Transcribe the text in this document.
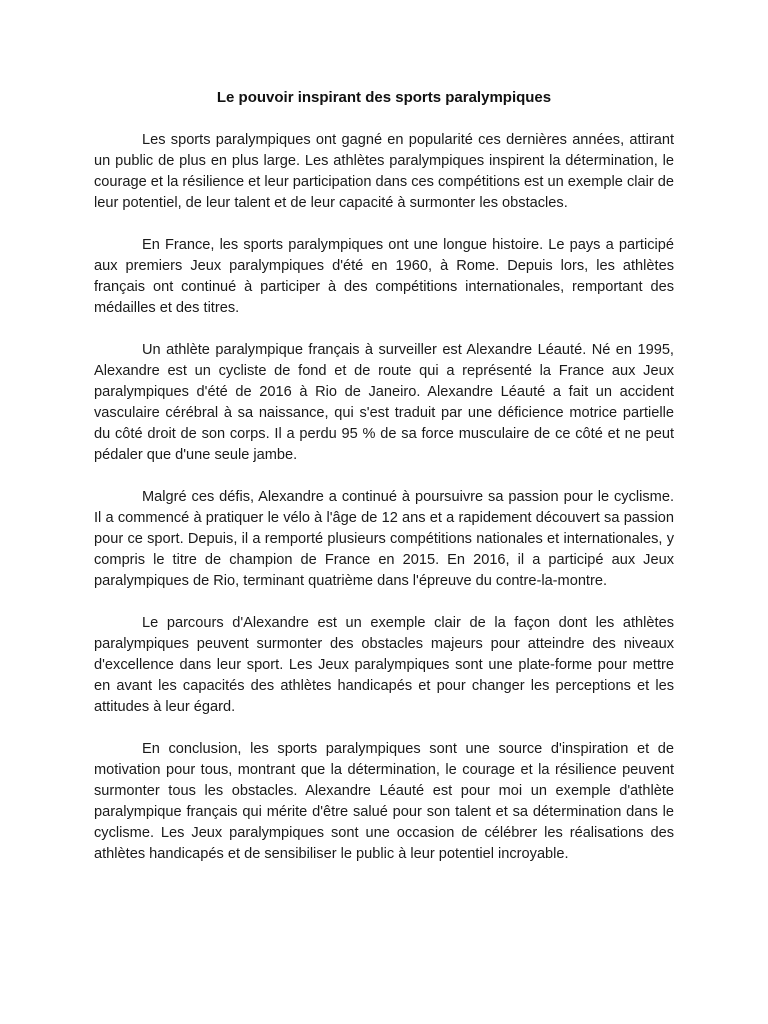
Le pouvoir inspirant des sports paralympiques

Les sports paralympiques ont gagné en popularité ces dernières années, attirant un public de plus en plus large. Les athlètes paralympiques inspirent la détermination, le courage et la résilience et leur participation dans ces compétitions est un exemple clair de leur potentiel, de leur talent et de leur capacité à surmonter les obstacles.

En France, les sports paralympiques ont une longue histoire. Le pays a participé aux premiers Jeux paralympiques d'été en 1960, à Rome. Depuis lors, les athlètes français ont continué à participer à des compétitions internationales, remportant des médailles et des titres.

Un athlète paralympique français à surveiller est Alexandre Léauté. Né en 1995, Alexandre est un cycliste de fond et de route qui a représenté la France aux Jeux paralympiques d'été de 2016 à Rio de Janeiro. Alexandre Léauté a fait un accident vasculaire cérébral à sa naissance, qui s'est traduit par une déficience motrice partielle du côté droit de son corps. Il a perdu 95 % de sa force musculaire de ce côté et ne peut pédaler que d'une seule jambe.

Malgré ces défis, Alexandre a continué à poursuivre sa passion pour le cyclisme. Il a commencé à pratiquer le vélo à l'âge de 12 ans et a rapidement découvert sa passion pour ce sport. Depuis, il a remporté plusieurs compétitions nationales et internationales, y compris le titre de champion de France en 2015. En 2016, il a participé aux Jeux paralympiques de Rio, terminant quatrième dans l'épreuve du contre-la-montre.

Le parcours d'Alexandre est un exemple clair de la façon dont les athlètes paralympiques peuvent surmonter des obstacles majeurs pour atteindre des niveaux d'excellence dans leur sport. Les Jeux paralympiques sont une plate-forme pour mettre en avant les capacités des athlètes handicapés et pour changer les perceptions et les attitudes à leur égard.

En conclusion, les sports paralympiques sont une source d'inspiration et de motivation pour tous, montrant que la détermination, le courage et la résilience peuvent surmonter tous les obstacles. Alexandre Léauté est pour moi un exemple d'athlète paralympique français qui mérite d'être salué pour son talent et sa détermination dans le cyclisme. Les Jeux paralympiques sont une occasion de célébrer les réalisations des athlètes handicapés et de sensibiliser le public à leur potentiel incroyable.
